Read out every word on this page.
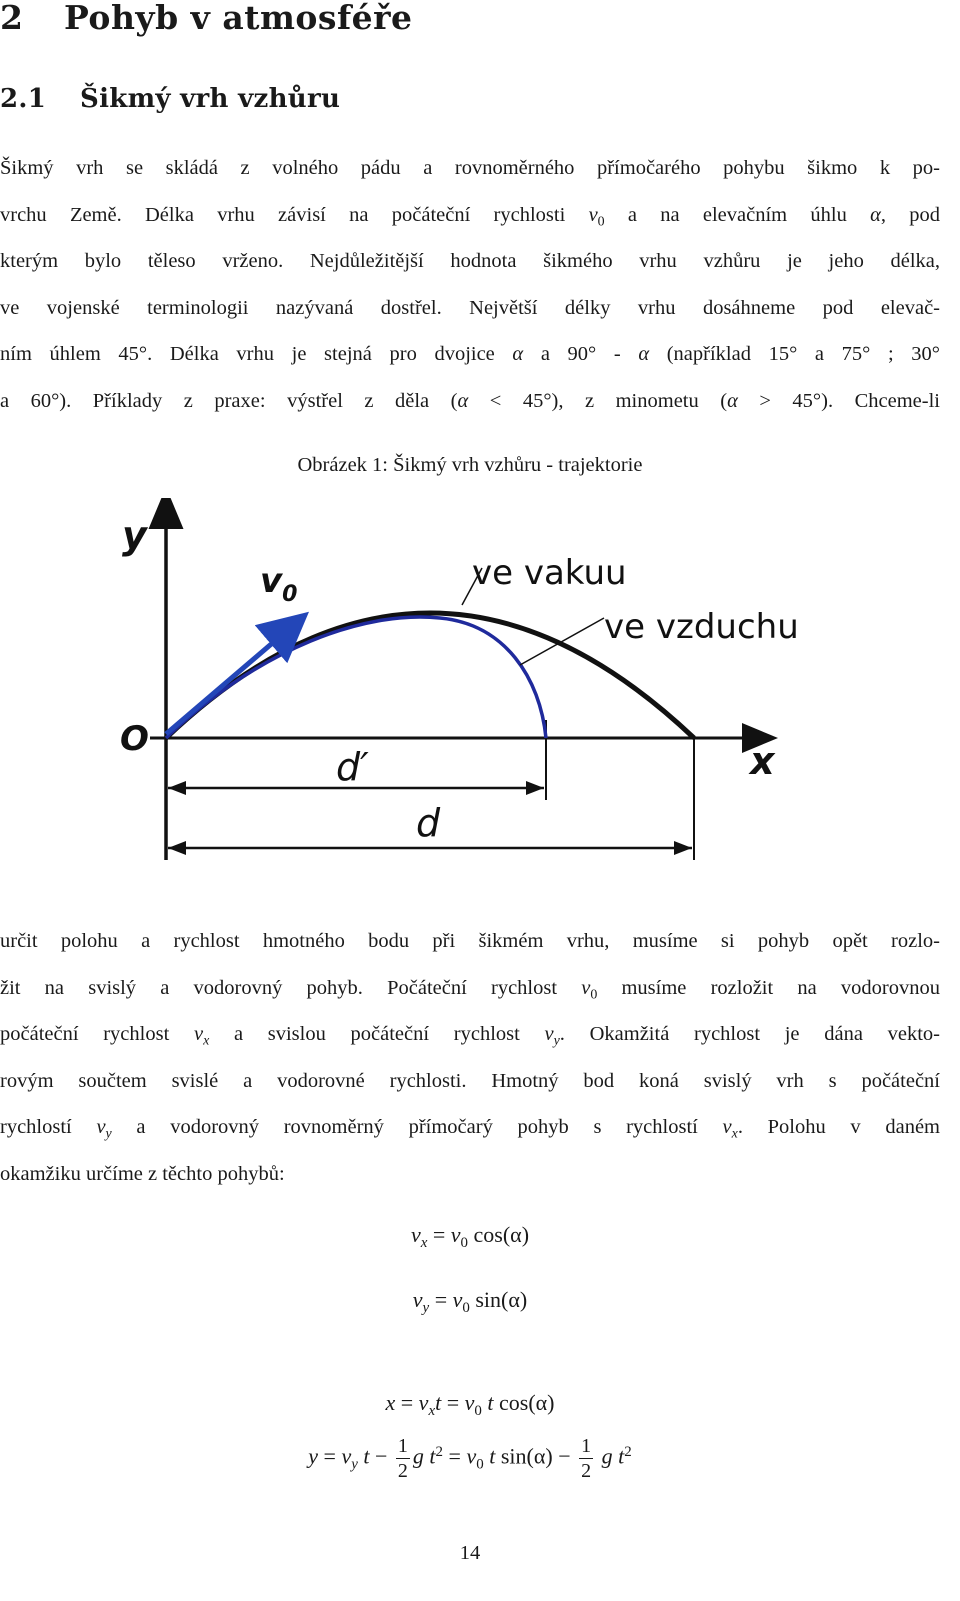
2 Pohyb v atmosféře
2.1 Šikmý vrh vzhůru
Šikmý vrh se skládá z volného pádu a rovnoměrného přímočarého pohybu šikmo k po-
vrchu Země. Délka vrhu závisí na počáteční rychlosti $v_0$ a na elevačním úhlu α, pod
kterým bylo těleso vrženo. Nejdůležitější hodnota šikmého vrhu vzhůru je jeho délka,
ve vojenské terminologii nazývaná dostřel. Největší délky vrhu dosáhneme pod elevač-
ním úhlem 45°. Délka vrhu je stejná pro dvojice α a 90° - α (například 15° a 75° ; 30°
a 60°). Příklady z praxe: výstřel z děla (α < 45°), z minometu (α > 45°). Chceme-li
Obrázek 1: Šikmý vrh vzhůru - trajektorie
y
x
O
$v_0$
ve vakuu
ve vzduchu
d′
d
určit polohu a rychlost hmotného bodu při šikmém vrhu, musíme si pohyb opět rozlo-
žit na svislý a vodorovný pohyb. Počáteční rychlost $v_0$ musíme rozložit na vodorovnou
počáteční rychlost $v_x$ a svislou počáteční rychlost $v_y$. Okamžitá rychlost je dána vekto-
rovým součtem svislé a vodorovné rychlosti. Hmotný bod koná svislý vrh s počáteční
rychlostí $v_y$ a vodorovný rovnoměrný přímočarý pohyb s rychlostí $v_x$. Polohu v daném
okamžiku určíme z těchto pohybů:
$v_x = v_0$ cos(α)
$v_y = v_0$ sin(α)
$x = v_xt = v_0$ t cos(α)
$y = v_y$ $t - \frac{1}{2}$ g $t^2 = v_0$ t $\sin(\alpha) - \frac{1}{2}$ g $t^2$
14
